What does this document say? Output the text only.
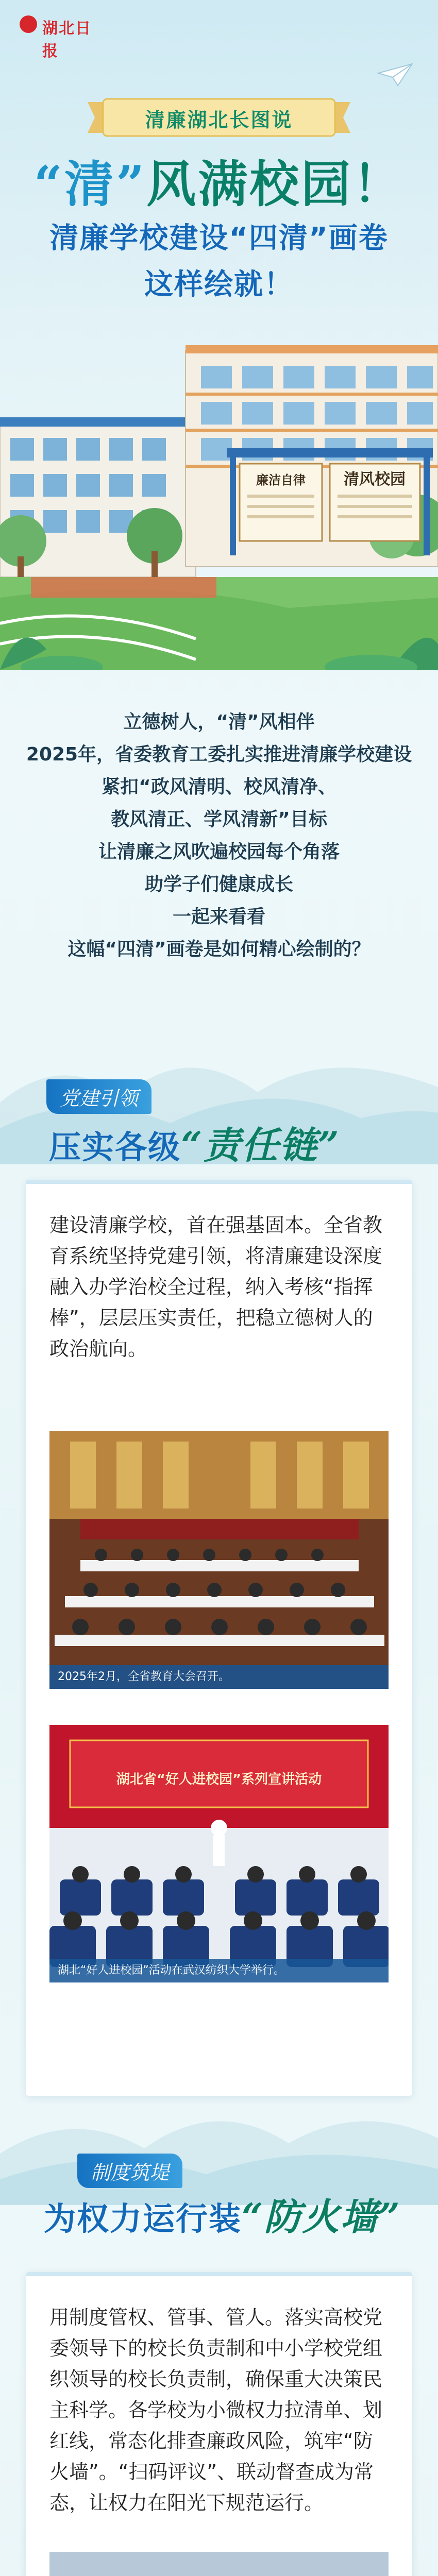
湖北日报
清廉湖北长图说
“清”风满校园！
清廉学校建设“四清”画卷
这样绘就！
廉洁自律 清风校园

立德树人，“清”风相伴

2025年，省委教育工委扎实推进清廉学校建设

紧扣“政风清明、校风清净、

教风清正、学风清新”目标

让清廉之风吹遍校园每个角落

助学子们健康成长

一起来看看

这幅“四清”画卷是如何精心绘制的？

党建引领
压实各级“责任链”
建设清廉学校，首在强基固本。全省教育系统坚持党建引领，将清廉建设深度融入办学治校全过程，纳入考核“指挥棒”，层层压实责任，把稳立德树人的政治航向。
2025年2月，全省教育大会召开。
湖北省“好人进校园”系列宣讲活动
湖北“好人进校园”活动在武汉纺织大学举行。
制度筑堤
为权力运行装“防火墙”
用制度管权、管事、管人。落实高校党委领导下的校长负责制和中小学校党组织领导的校长负责制，确保重大决策民主科学。各学校为小微权力拉清单、划红线，常态化排查廉政风险，筑牢“防火墙”。“扫码评议”、联动督查成为常态，让权力在阳光下规范运行。
